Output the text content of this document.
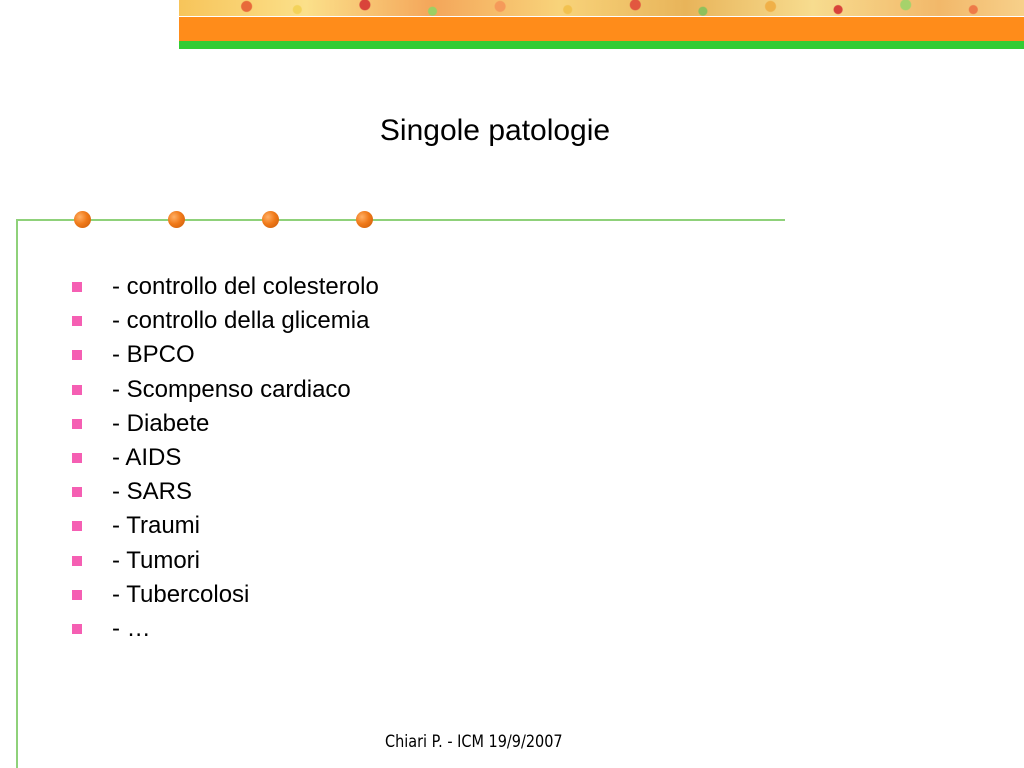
Singole patologie
- controllo del colesterolo
- controllo della glicemia
- BPCO
- Scompenso cardiaco
- Diabete
- AIDS
- SARS
- Traumi
- Tumori
- Tubercolosi
- …
Chiari P. - ICM 19/9/2007
